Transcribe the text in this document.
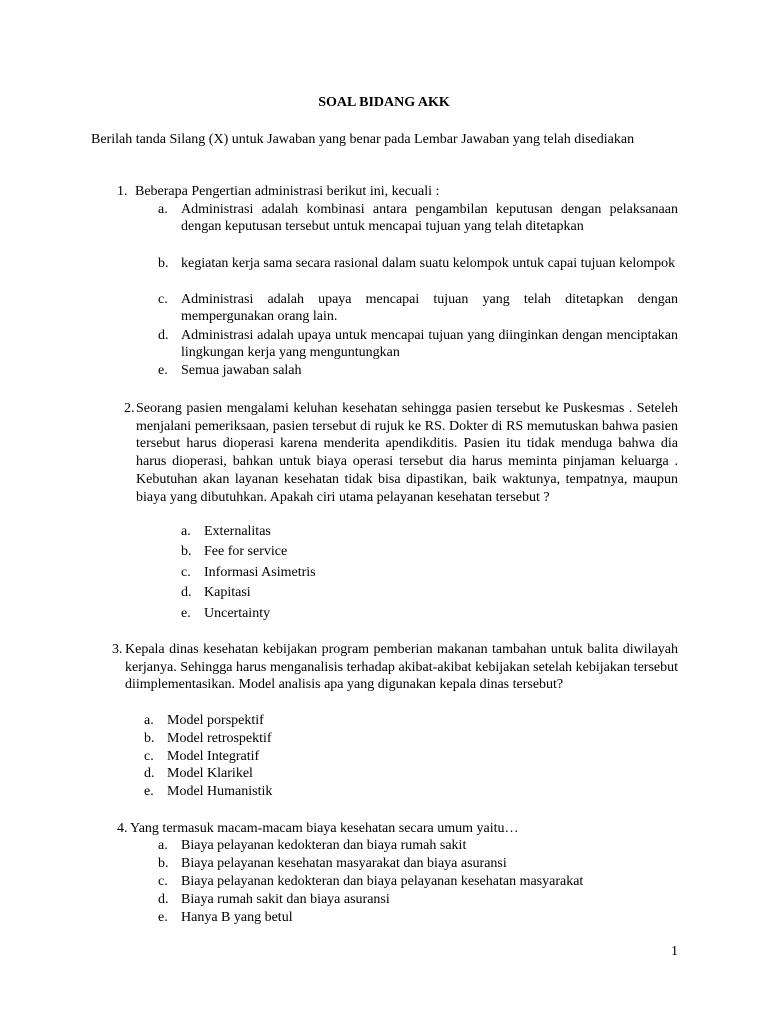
SOAL BIDANG AKK
Berilah tanda Silang (X) untuk Jawaban yang benar pada Lembar Jawaban yang telah disediakan
1. Beberapa Pengertian administrasi berikut ini, kecuali :
a. Administrasi adalah kombinasi antara pengambilan keputusan dengan pelaksanaan dengan keputusan tersebut untuk mencapai tujuan yang telah ditetapkan
b. kegiatan kerja sama secara rasional dalam suatu kelompok untuk capai tujuan kelompok
c. Administrasi adalah upaya mencapai tujuan yang telah ditetapkan dengan mempergunakan orang lain.
d. Administrasi adalah upaya untuk mencapai tujuan yang diinginkan dengan menciptakan lingkungan kerja yang menguntungkan
e. Semua jawaban salah
2. Seorang pasien mengalami keluhan kesehatan sehingga pasien tersebut ke Puskesmas . Seteleh menjalani pemeriksaan, pasien tersebut di rujuk ke RS. Dokter di RS memutuskan bahwa pasien tersebut harus dioperasi karena menderita apendikditis. Pasien itu tidak menduga bahwa dia harus dioperasi, bahkan untuk biaya operasi tersebut dia harus meminta pinjaman keluarga . Kebutuhan akan layanan kesehatan tidak bisa dipastikan, baik waktunya, tempatnya, maupun biaya yang dibutuhkan. Apakah ciri utama pelayanan kesehatan tersebut ?
a. Externalitas
b. Fee for service
c. Informasi Asimetris
d. Kapitasi
e. Uncertainty
3. Kepala dinas kesehatan kebijakan program pemberian makanan tambahan untuk balita diwilayah kerjanya. Sehingga harus menganalisis terhadap akibat-akibat kebijakan setelah kebijakan tersebut diimplementasikan. Model analisis apa yang digunakan kepala dinas tersebut?
a. Model porspektif
b. Model retrospektif
c. Model Integratif
d. Model Klarikel
e. Model Humanistik
4. Yang termasuk macam-macam biaya kesehatan secara umum yaitu…
a. Biaya pelayanan kedokteran dan biaya rumah sakit
b. Biaya pelayanan kesehatan masyarakat dan biaya asuransi
c. Biaya pelayanan kedokteran dan biaya pelayanan kesehatan masyarakat
d. Biaya rumah sakit dan biaya asuransi
e. Hanya B yang betul
1
